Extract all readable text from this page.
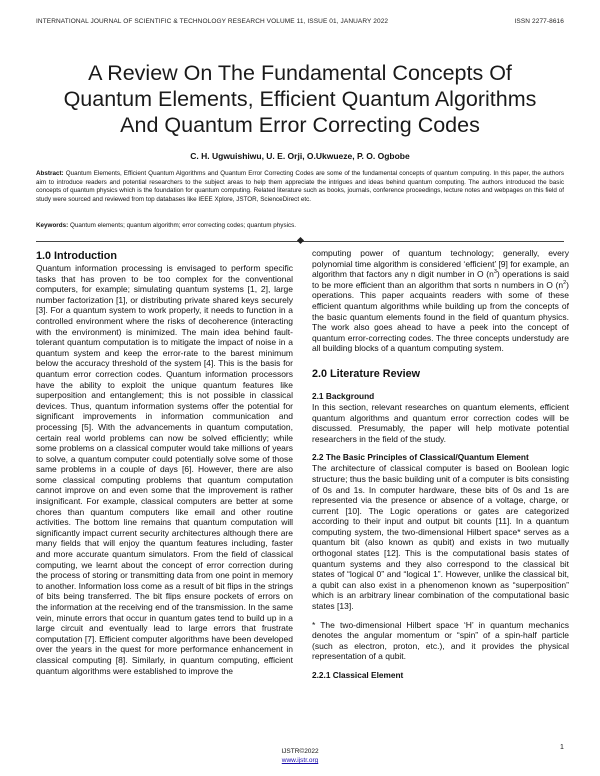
INTERNATIONAL JOURNAL OF SCIENTIFIC & TECHNOLOGY RESEARCH VOLUME 11, ISSUE 01, JANUARY 2022	ISSN 2277-8616
A Review On The Fundamental Concepts Of
Quantum Elements, Efficient Quantum Algorithms
And Quantum Error Correcting Codes
C. H. Ugwuishiwu, U. E. Orji, O.Ukwueze, P. O. Ogbobe
Abstract: Quantum Elements, Efficient Quantum Algorithms and Quantum Error Correcting Codes are some of the fundamental concepts of quantum computing. In this paper, the authors aim to introduce readers and potential researchers to the subject areas to help them appreciate the intrigues and ideas behind quantum computing. The authors introduced the basic concepts of quantum physics which is the foundation for quantum computing. Related literature such as books, journals, conference proceedings, lecture notes and webpages on this field of study were sourced and reviewed from top databases like IEEE Xplore, JSTOR, ScienceDirect etc.
Keywords: Quantum elements; quantum algorithm; error correcting codes; quantum physics.
1.0 Introduction

Quantum information processing is envisaged to perform specific tasks that has proven to be too complex for the conventional computers, for example; simulating quantum systems [1, 2], large number factorization [1], or distributing private shared keys securely [3]. For a quantum system to work properly, it needs to function in a controlled environment where the risks of decoherence (interacting with the environment) is minimized. The main idea behind fault-tolerant quantum computation is to mitigate the impact of noise in a quantum system and keep the error-rate to the barest minimum below the accuracy threshold of the system [4]. This is the basis for quantum error correction codes. Quantum information processors have the ability to exploit the unique quantum features like superposition and entanglement; this is not possible in classical devices. Thus, quantum information systems offer the potential for significant improvements in information communication and processing [5]. With the advancements in quantum computation, certain real world problems can now be solved efficiently; while some problems on a classical computer would take millions of years to solve, a quantum computer could potentially solve some of those same problems in a couple of days [6]. However, there are also some classical computing problems that quantum computation cannot improve on and even some that the improvement is rather insignificant. For example, classical computers are better at some chores than quantum computers like email and other routine activities. The bottom line remains that quantum computation will significantly impact current security architectures although there are many fields that will enjoy the quantum features including, faster and more accurate quantum simulators. From the field of classical computing, we learnt about the concept of error correction during the process of storing or transmitting data from one point in memory to another. Information loss come as a result of bit flips in the strings of bits being transferred. The bit flips ensure pockets of errors on the information at the receiving end of the transmission. In the same vein, minute errors that occur in quantum gates tend to build up in a large circuit and eventually lead to large errors that frustrate computation [7]. Efficient computer algorithms have been developed over the years in the quest for more performance enhancement in classical computing [8]. Similarly, in quantum computing, efficient quantum algorithms were established to improve the

computing power of quantum technology; generally, every polynomial time algorithm is considered ‘efficient’ [9] for example, an algorithm that factors any n digit number in O $(n^3)$ operations is said to be more efficient than an algorithm that sorts n numbers in O $(n^2)$ operations. This paper acquaints readers with some of these efficient quantum algorithms while building up from the concepts of the basic quantum elements found in the field of quantum physics. The work also goes ahead to have a peek into the concept of quantum error-correcting codes. The three concepts understudy are all building blocks of a quantum computing system.

2.0 Literature Review
2.1 Background

In this section, relevant researches on quantum elements, efficient quantum algorithms and quantum error correction codes will be discussed. Presumably, the paper will help motivate potential researchers in the field of the study.

2.2 The Basic Principles of Classical/Quantum Element

The architecture of classical computer is based on Boolean logic structure; thus the basic building unit of a computer is bits consisting of 0s and 1s. In computer hardware, these bits of 0s and 1s are represented via the presence or absence of a voltage, charge, or current [10]. The Logic operations or gates are categorized according to their input and output bit counts [11]. In a quantum computing system, the two-dimensional Hilbert space* serves as a quantum bit (also known as qubit) and exists in two mutually orthogonal states [12]. This is the computational basis states of quantum systems and they also correspond to the classical bit states of “logical 0” and “logical 1”. However, unlike the classical bit, a qubit can also exist in a phenomenon known as “superposition” which is an arbitrary linear combination of the computational basic states [13].

* The two-dimensional Hilbert space ‘H’ in quantum mechanics denotes the angular momentum or “spin” of a spin-half particle (such as electron, proton, etc.), and it provides the physical representation of a qubit.

2.2.1 Classical Element
IJSTR©2022
www.ijstr.org
1
